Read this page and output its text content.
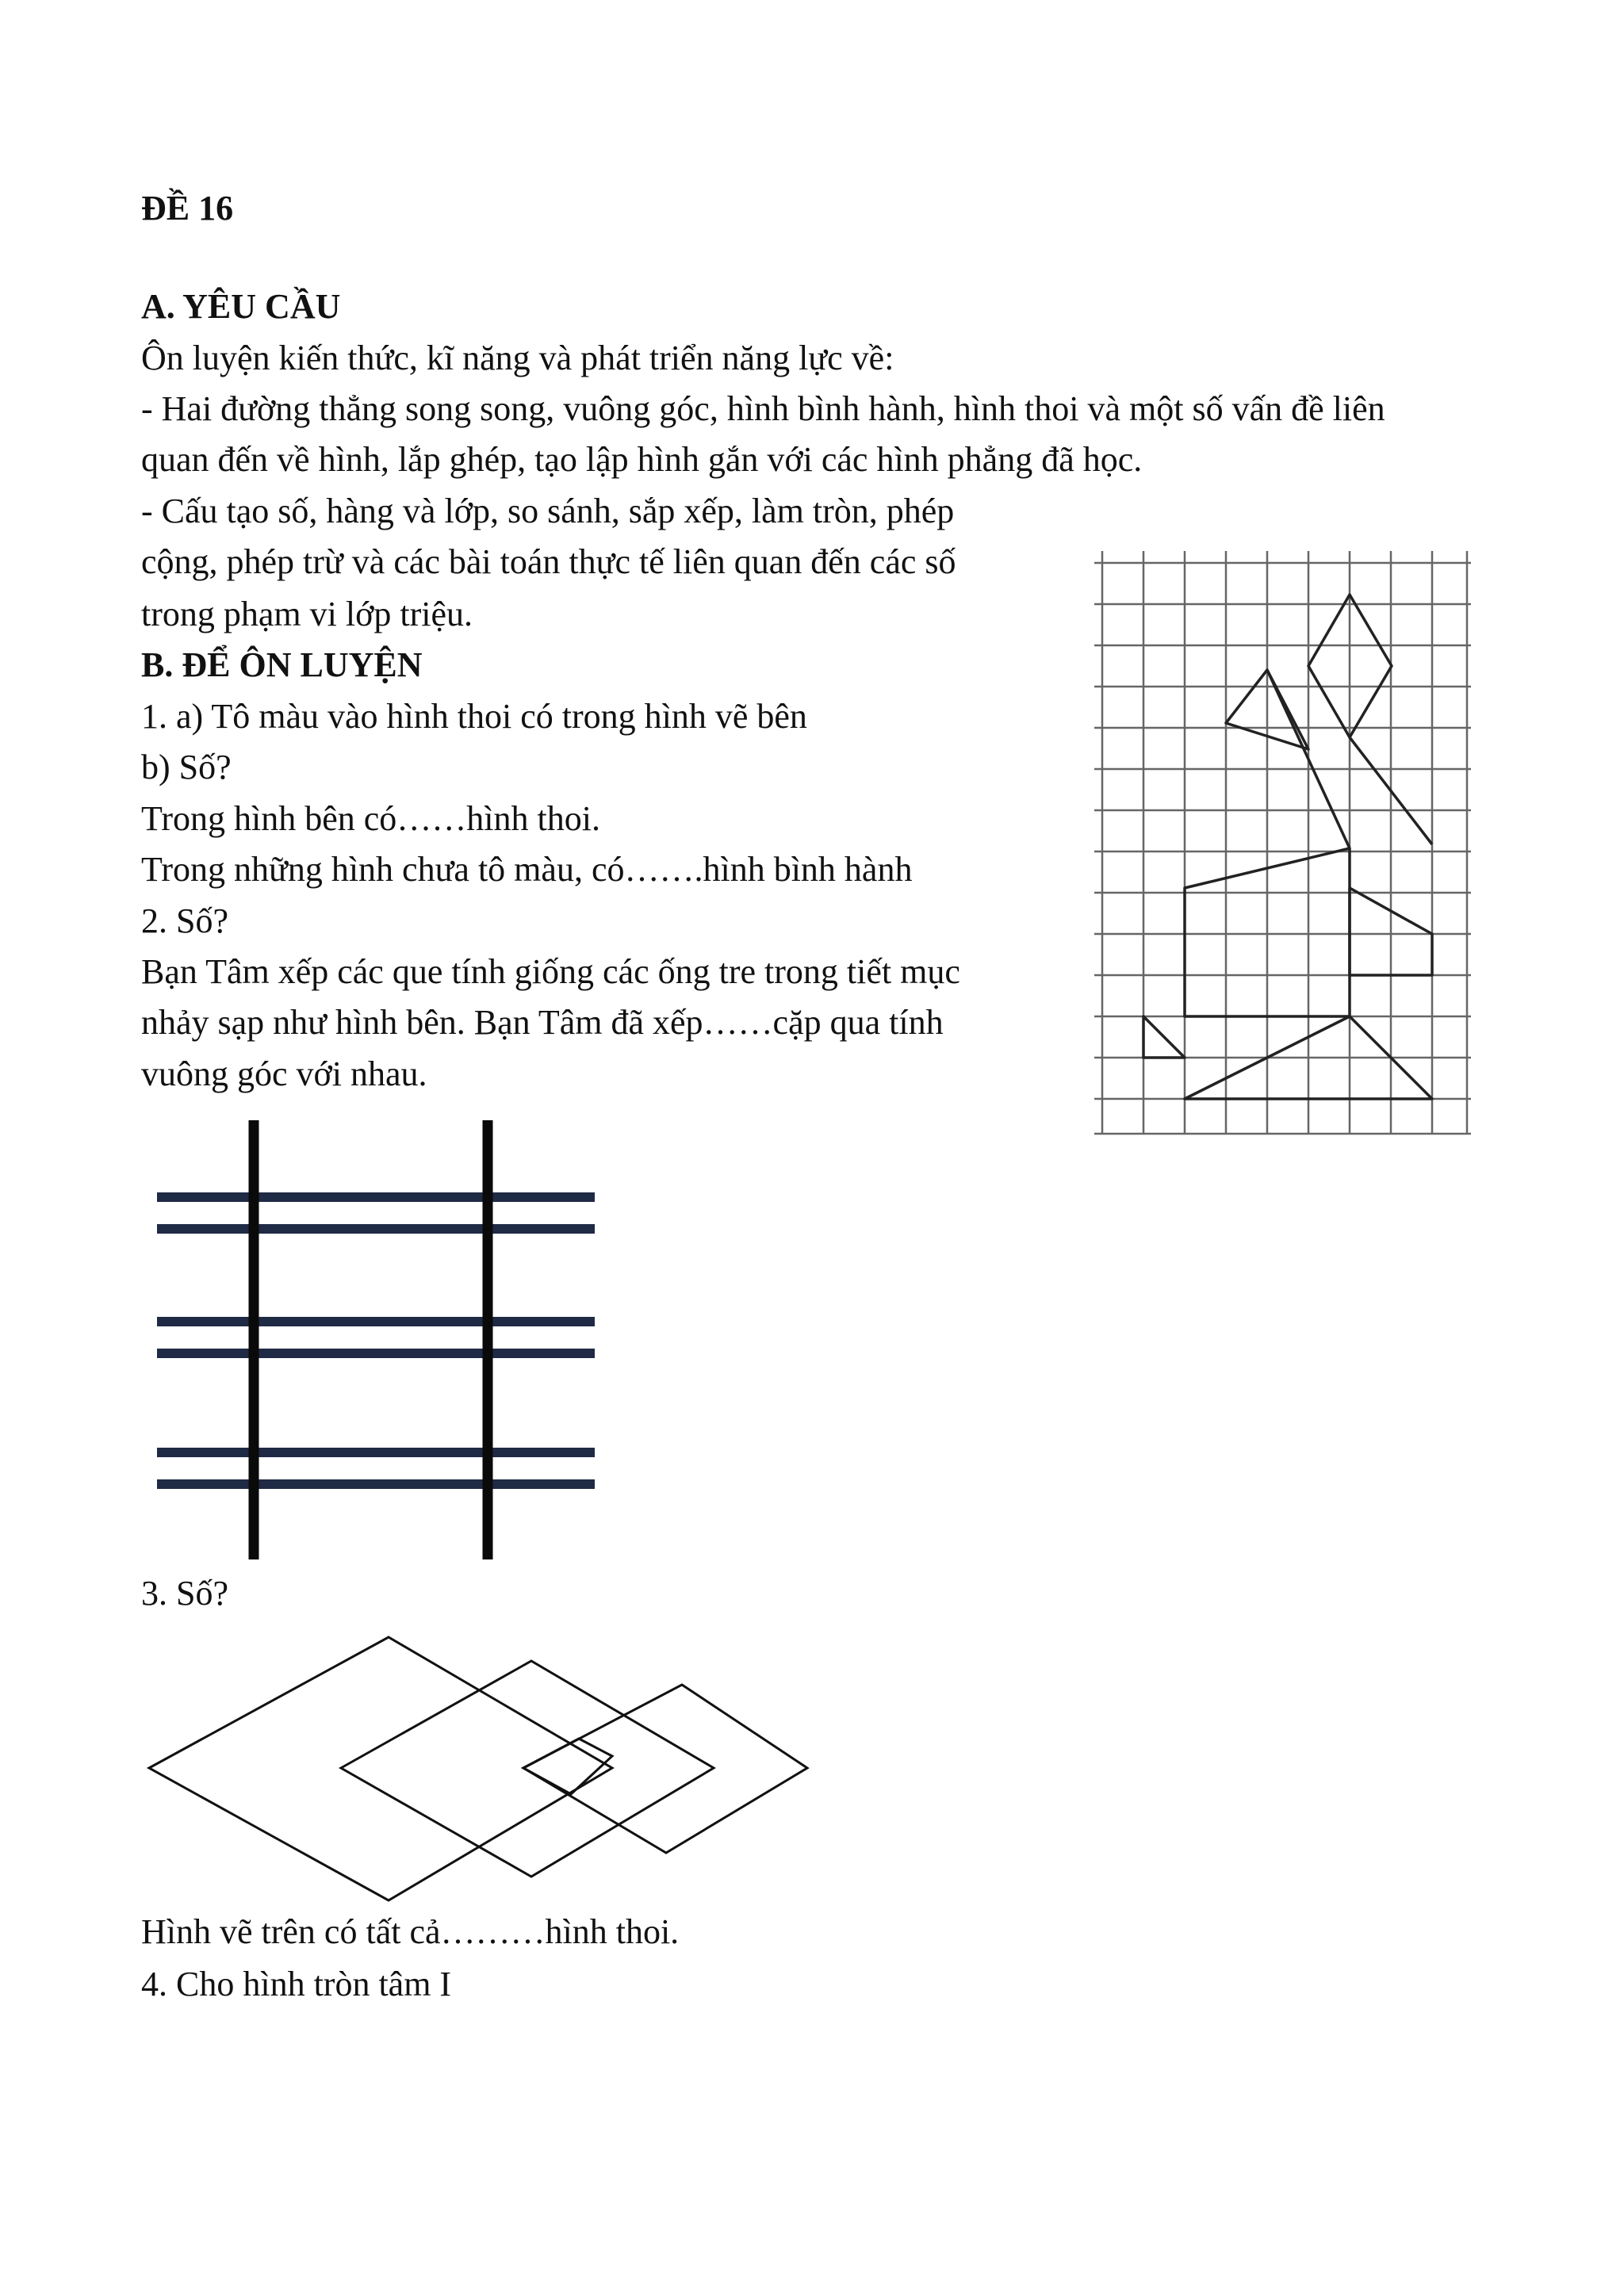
ĐỀ 16
A. YÊU CẦU
Ôn luyện kiến thức, kĩ năng và phát triển năng lực về:
- Hai đường thẳng song song, vuông góc, hình bình hành, hình thoi và một số vấn đề liên
quan đến về hình, lắp ghép, tạo lập hình gắn với các hình phẳng đã học.
- Cấu tạo số, hàng và lớp, so sánh, sắp xếp, làm tròn, phép
cộng, phép trừ và các bài toán thực tế liên quan đến các số
trong phạm vi lớp triệu.
B. ĐỂ ÔN LUYỆN
1. a) Tô màu vào hình thoi có trong hình vẽ bên
b) Số?
Trong hình bên có……hình thoi.
Trong những hình chưa tô màu, có…….hình bình hành
2. Số?
Bạn Tâm xếp các que tính giống các ống tre trong tiết mục
nhảy sạp như hình bên. Bạn Tâm đã xếp……cặp qua tính
vuông góc với nhau.
3. Số?
Hình vẽ trên có tất cả………hình thoi.
4. Cho hình tròn tâm I
